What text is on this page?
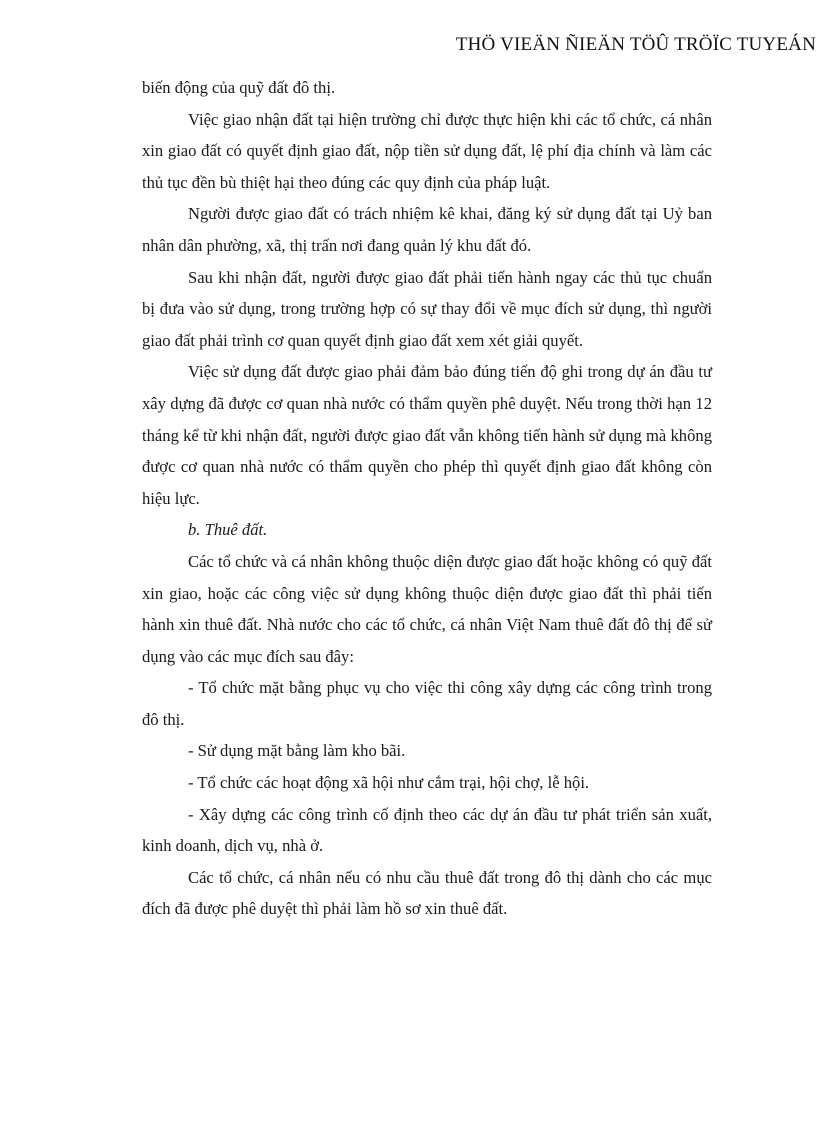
THÖ VIEÄN ÑIEÄN TÖÛ TRÖÏC TUYEÁN

biến động của quỹ đất đô thị.

Việc giao nhận đất tại hiện trường chỉ được thực hiện khi các tổ chức, cá nhân xin giao đất có quyết định giao đất, nộp tiền sử dụng đất, lệ phí địa chính và làm các thủ tục đền bù thiệt hại theo đúng các quy định của pháp luật.

Người được giao đất có trách nhiệm kê khai, đăng ký sử dụng đất tại Uỷ ban nhân dân phường, xã, thị trấn nơi đang quản lý khu đất đó.

Sau khi nhận đất, người được giao đất phải tiến hành ngay các thủ tục chuẩn bị đưa vào sử dụng, trong trường hợp có sự thay đổi về mục đích sử dụng, thì người giao đất phải trình cơ quan quyết định giao đất xem xét giải quyết.

Việc sử dụng đất được giao phải đảm bảo đúng tiến độ ghi trong dự án đầu tư xây dựng đã được cơ quan nhà nước có thẩm quyền phê duyệt. Nếu trong thời hạn 12 tháng kể từ khi nhận đất, người được giao đất vẫn không tiến hành sử dụng mà không được cơ quan nhà nước có thẩm quyền cho phép thì quyết định giao đất không còn hiệu lực.

b. Thuê đất.

Các tổ chức và cá nhân không thuộc diện được giao đất hoặc không có quỹ đất xin giao, hoặc các công việc sử dụng không thuộc diện được giao đất thì phải tiến hành xin thuê đất. Nhà nước cho các tổ chức, cá nhân Việt Nam thuê đất đô thị để sử dụng vào các mục đích sau đây:

- Tổ chức mặt bằng phục vụ cho việc thi công xây dựng các công trình trong đô thị.

- Sử dụng mặt bằng làm kho bãi.

- Tổ chức các hoạt động xã hội như cắm trại, hội chợ, lễ hội.

- Xây dựng các công trình cố định theo các dự án đầu tư phát triển sản xuất, kinh doanh, dịch vụ, nhà ở.

Các tổ chức, cá nhân nếu có nhu cầu thuê đất trong đô thị dành cho các mục đích đã được phê duyệt thì phải làm hồ sơ xin thuê đất.
